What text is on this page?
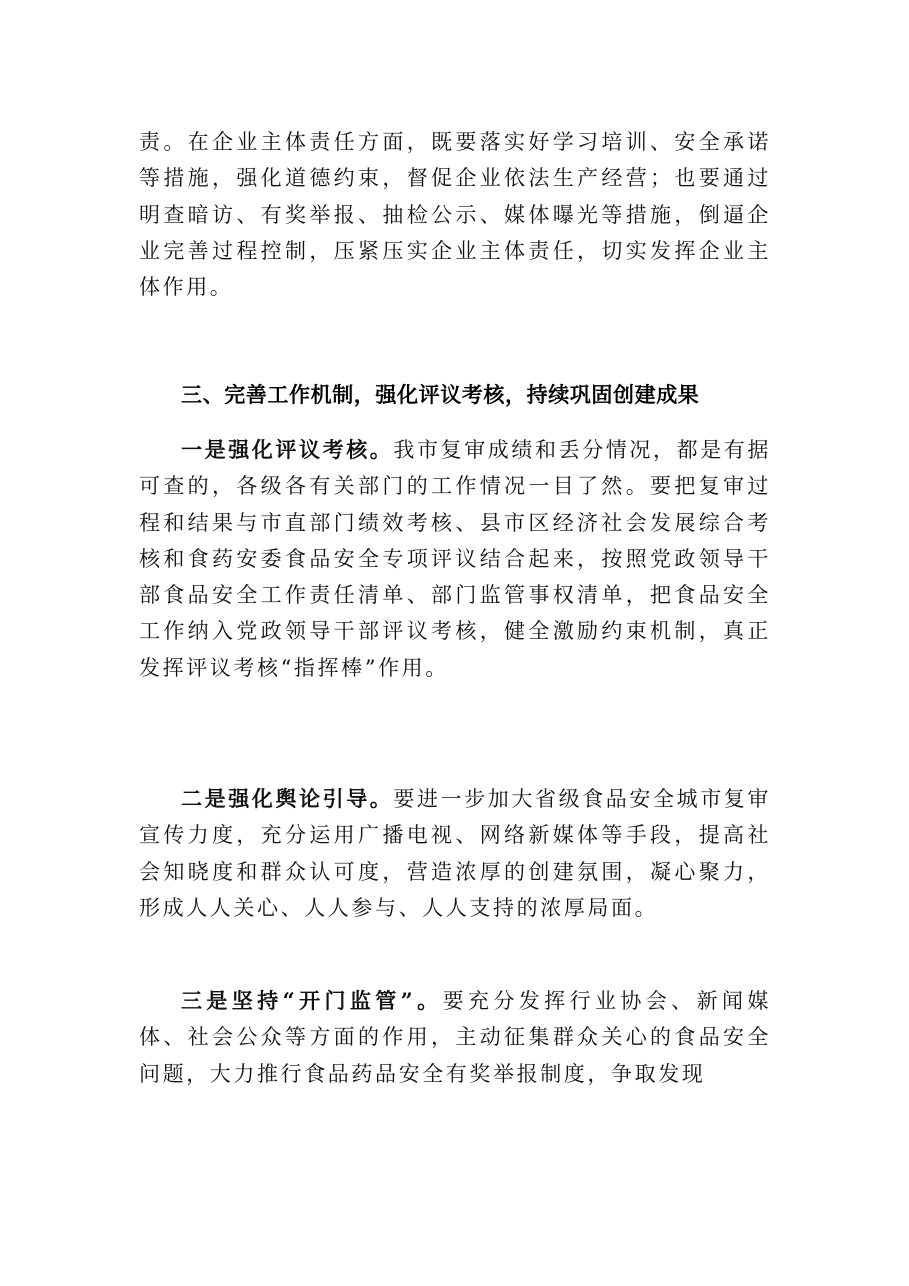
责。在企业主体责任方面，既要落实好学习培训、安全承诺等措施，强化道德约束，督促企业依法生产经营；也要通过明查暗访、有奖举报、抽检公示、媒体曝光等措施，倒逼企业完善过程控制，压紧压实企业主体责任，切实发挥企业主体作用。

三、完善工作机制，强化评议考核，持续巩固创建成果

一是强化评议考核。我市复审成绩和丢分情况，都是有据可查的，各级各有关部门的工作情况一目了然。要把复审过程和结果与市直部门绩效考核、县市区经济社会发展综合考核和食药安委食品安全专项评议结合起来，按照党政领导干部食品安全工作责任清单、部门监管事权清单，把食品安全工作纳入党政领导干部评议考核，健全激励约束机制，真正发挥评议考核“指挥棒”作用。

二是强化舆论引导。要进一步加大省级食品安全城市复审宣传力度，充分运用广播电视、网络新媒体等手段，提高社会知晓度和群众认可度，营造浓厚的创建氛围，凝心聚力，形成人人关心、人人参与、人人支持的浓厚局面。

三是坚持“开门监管”。要充分发挥行业协会、新闻媒体、社会公众等方面的作用，主动征集群众关心的食品安全问题，大力推行食品药品安全有奖举报制度，争取发现
